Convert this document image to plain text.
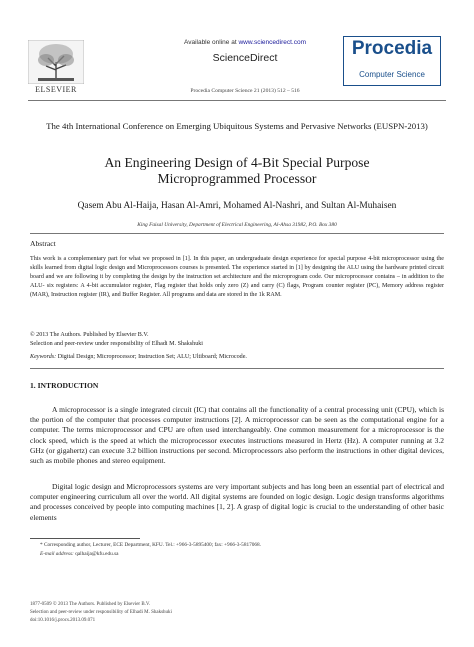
ELSEVIER
Available online at www.sciencedirect.com
ScienceDirect
Procedia Computer Science 21 (2013) 512 – 516
Procedia
Computer Science
The 4th International Conference on Emerging Ubiquitous Systems and Pervasive Networks (EUSPN-2013)
An Engineering Design of 4-Bit Special Purpose
Microprogrammed Processor
Qasem Abu Al-Haija, Hasan Al-Amri, Mohamed Al-Nashri, and Sultan Al-Muhaisen
King Faisal University, Department of Electrical Engineering, Al-Ahsa 31982, P.O. Box 380
Abstract
This work is a complementary part for what we proposed in [1]. In this paper, an undergraduate design experience for special purpose 4-bit microprocessor using the skills learned from digital logic design and Microprocessors courses is presented. The experience started in [1] by designing the ALU using the hardware printed circuit board and we are following it by completing the design by the instruction set architecture and the microprogram code. Our microprocessor contains – in addition to the ALU- six registers: A 4-bit accumulator register, Flag register that holds only zero (Z) and carry (C) flags, Program counter register (PC), Memory address register (MAR), Instruction register (IR), and Buffer Register. All programs and data are stored in the 1k RAM.
© 2013 The Authors. Published by Elsevier B.V.
Selection and peer-review under responsibility of Elhadi M. Shakshuki
Keywords: Digital Design; Microprocessor; Instruction Set; ALU; Ultiboard; Microcode.
1. INTRODUCTION
A microprocessor is a single integrated circuit (IC) that contains all the functionality of a central processing unit (CPU), which is the portion of the computer that processes computer instructions [2]. A microprocessor can be seen as the computational engine for a computer. The terms microprocessor and CPU are often used interchangeably. One common measurement for a microprocessor is the clock speed, which is the speed at which the microprocessor executes instructions measured in Hertz (Hz). A computer running at 3.2 GHz (or gigahertz) can execute 3.2 billion instructions per second. Microprocessors also perform the instructions in other digital devices, such as mobile phones and stereo equipment.
Digital logic design and Microprocessors systems are very important subjects and has long been an essential part of electrical and computer engineering curriculum all over the world. All digital systems are founded on logic design. Logic design transforms algorithms and processes conceived by people into computing machines [1, 2]. A grasp of digital logic is crucial to the understanding of other basic elements
* Corresponding author, Lecturer, ECE Department, KFU. Tel.: +966-3-5895400; fax: +966-3-5817068.
E-mail address: qalhaija@kfu.edu.sa
1877-0509 © 2013 The Authors. Published by Elsevier B.V.
Selection and peer-review under responsibility of Elhadi M. Shakshuki
doi:10.1016/j.procs.2013.09.071
